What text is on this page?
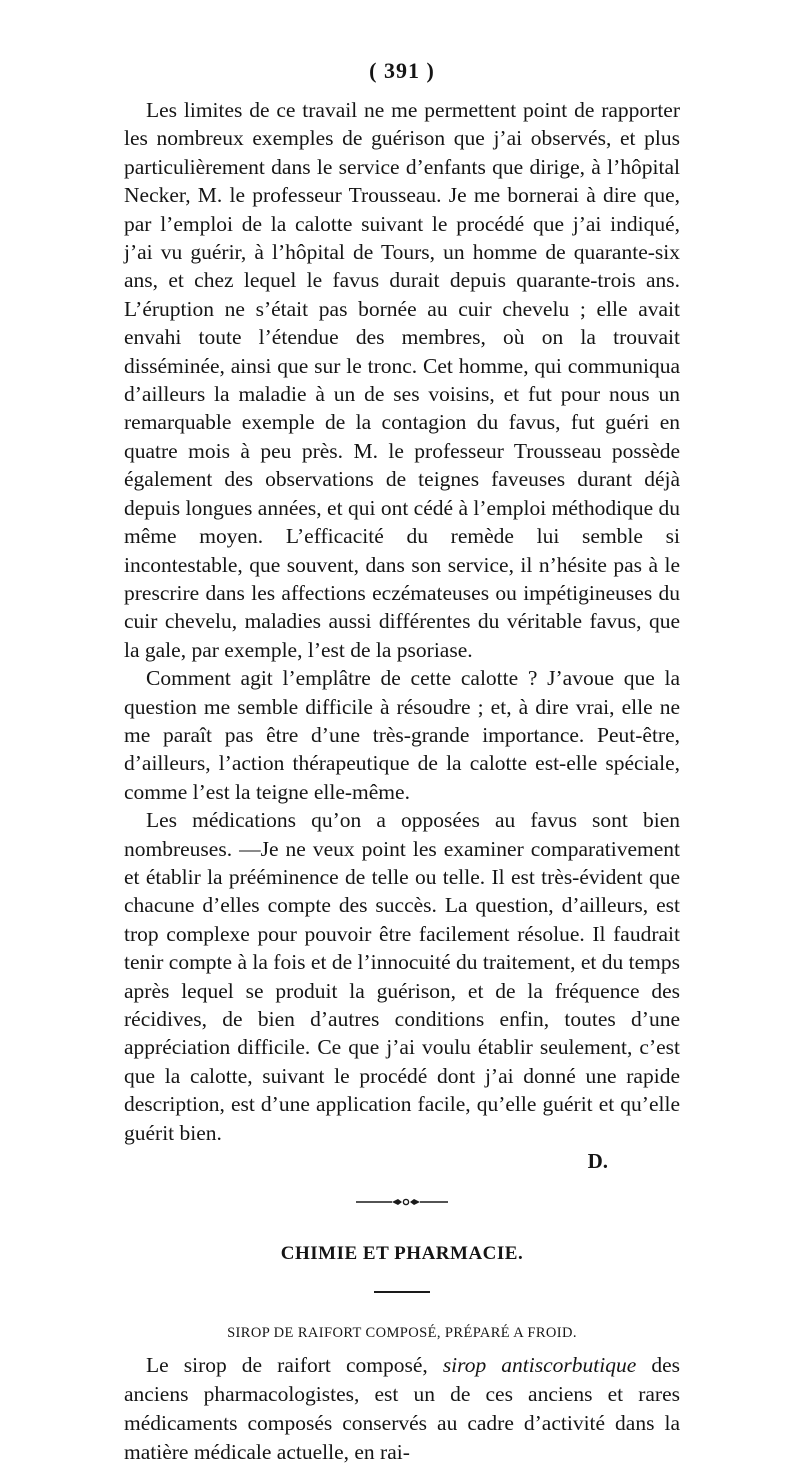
( 391 )

Les limites de ce travail ne me permettent point de rapporter les nombreux exemples de guérison que j’ai observés, et plus particulièrement dans le service d’enfants que dirige, à l’hôpital Necker, M. le professeur Trousseau. Je me bornerai à dire que, par l’emploi de la calotte suivant le procédé que j’ai indiqué, j’ai vu guérir, à l’hôpital de Tours, un homme de quarante-six ans, et chez lequel le favus durait depuis quarante-trois ans. L’éruption ne s’était pas bornée au cuir chevelu ; elle avait envahi toute l’étendue des membres, où on la trouvait disséminée, ainsi que sur le tronc. Cet homme, qui communiqua d’ailleurs la maladie à un de ses voisins, et fut pour nous un remarquable exemple de la contagion du favus, fut guéri en quatre mois à peu près. M. le professeur Trousseau possède également des observations de teignes faveuses durant déjà depuis longues années, et qui ont cédé à l’emploi méthodique du même moyen. L’efficacité du remède lui semble si incontestable, que souvent, dans son service, il n’hésite pas à le prescrire dans les affections eczémateuses ou impétigineuses du cuir chevelu, maladies aussi différentes du véritable favus, que la gale, par exemple, l’est de la psoriase.

Comment agit l’emplâtre de cette calotte ? J’avoue que la question me semble difficile à résoudre ; et, à dire vrai, elle ne me paraît pas être d’une très-grande importance. Peut-être, d’ailleurs, l’action thérapeutique de la calotte est-elle spéciale, comme l’est la teigne elle-même.

Les médications qu’on a opposées au favus sont bien nombreuses. —Je ne veux point les examiner comparativement et établir la prééminence de telle ou telle. Il est très-évident que chacune d’elles compte des succès. La question, d’ailleurs, est trop complexe pour pouvoir être facilement résolue. Il faudrait tenir compte à la fois et de l’innocuité du traitement, et du temps après lequel se produit la guérison, et de la fréquence des récidives, de bien d’autres conditions enfin, toutes d’une appréciation difficile. Ce que j’ai voulu établir seulement, c’est que la calotte, suivant le procédé dont j’ai donné une rapide description, est d’une application facile, qu’elle guérit et qu’elle guérit bien.

D.

CHIMIE ET PHARMACIE.
SIROP DE RAIFORT COMPOSÉ, PRÉPARÉ A FROID.

Le sirop de raifort composé, sirop antiscorbutique des anciens pharmacologistes, est un de ces anciens et rares médicaments composés conservés au cadre d’activité dans la matière médicale actuelle, en rai-
